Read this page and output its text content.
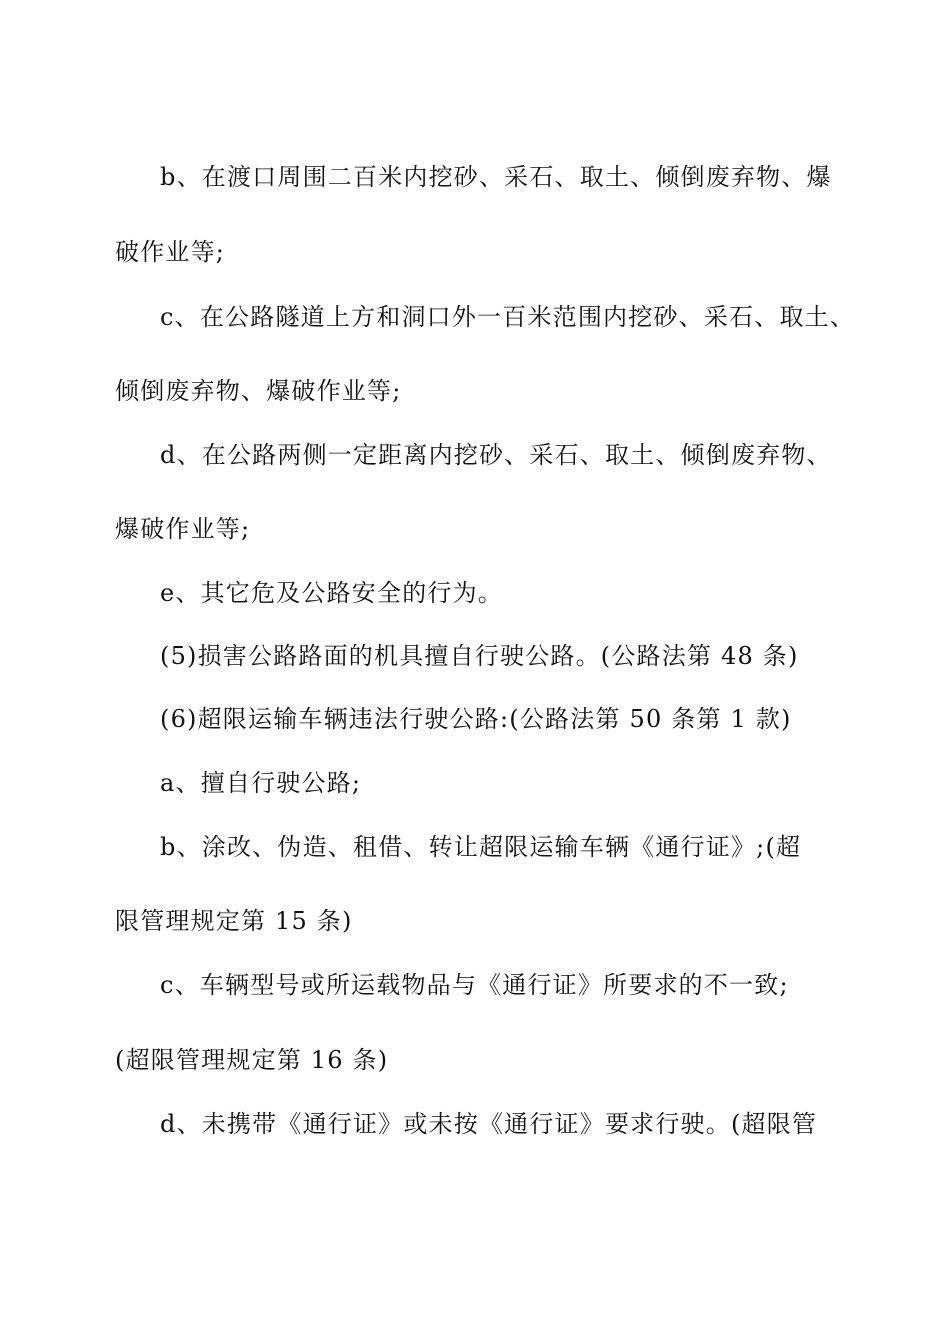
b、在渡口周围二百米内挖砂、采石、取土、倾倒废弃物、爆

破作业等;

c、在公路隧道上方和洞口外一百米范围内挖砂、采石、取土、

倾倒废弃物、爆破作业等;

d、在公路两侧一定距离内挖砂、采石、取土、倾倒废弃物、

爆破作业等;

e、其它危及公路安全的行为。

(5)损害公路路面的机具擅自行驶公路。(公路法第 48 条)

(6)超限运输车辆违法行驶公路:(公路法第 50 条第 1 款)

a、擅自行驶公路;

b、涂改、伪造、租借、转让超限运输车辆《通行证》;(超

限管理规定第 15 条)

c、车辆型号或所运载物品与《通行证》所要求的不一致;

(超限管理规定第 16 条)

d、未携带《通行证》或未按《通行证》要求行驶。(超限管
